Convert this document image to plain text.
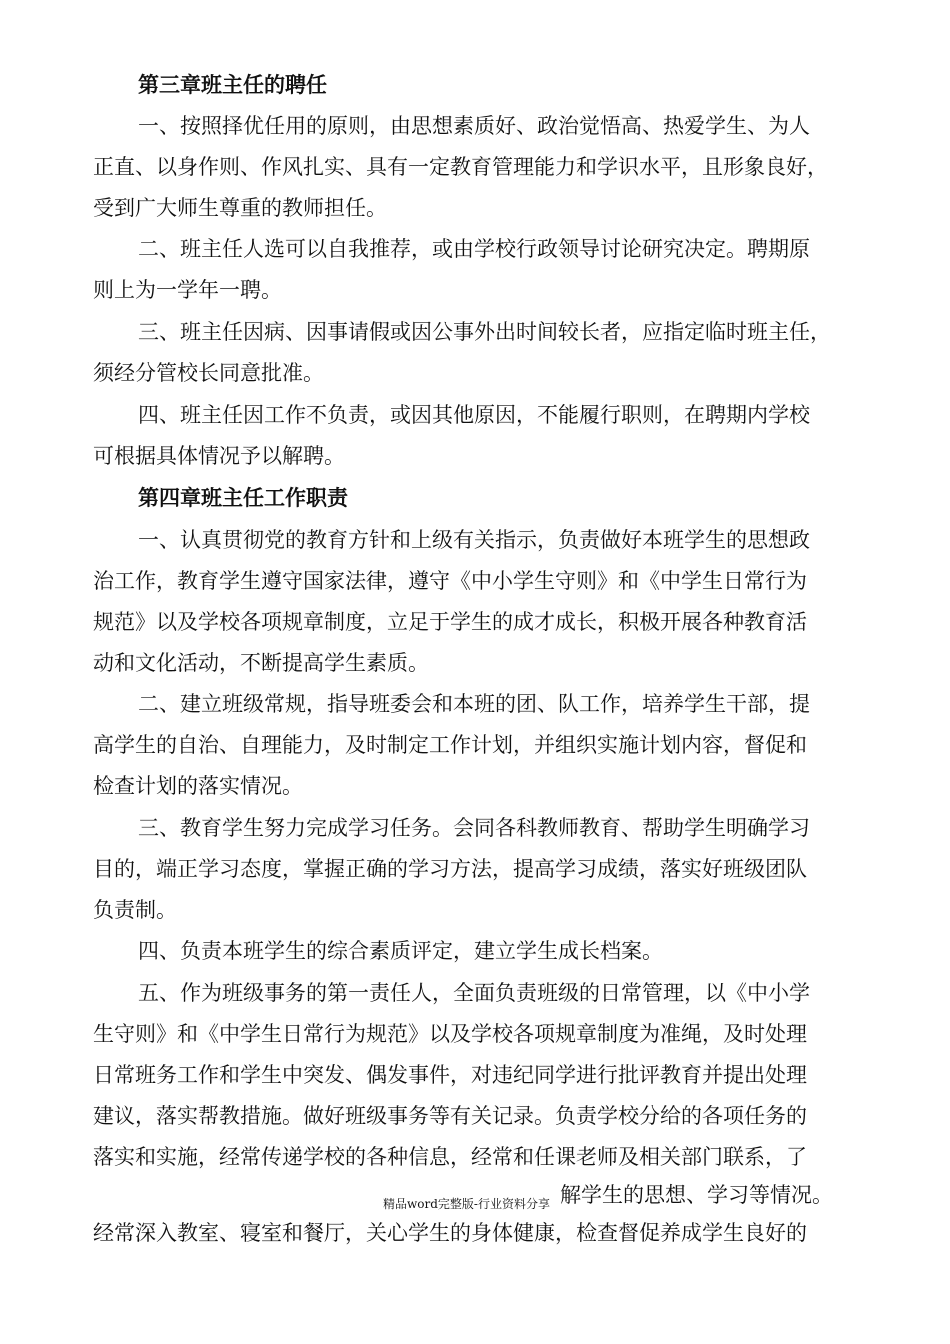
第三章班主任的聘任
一、按照择优任用的原则，由思想素质好、政治觉悟高、热爱学生、为人
正直、以身作则、作风扎实、具有一定教育管理能力和学识水平，且形象良好，
受到广大师生尊重的教师担任。
二、班主任人选可以自我推荐，或由学校行政领导讨论研究决定。聘期原
则上为一学年一聘。
三、班主任因病、因事请假或因公事外出时间较长者，应指定临时班主任，
须经分管校长同意批准。
四、班主任因工作不负责，或因其他原因，不能履行职则，在聘期内学校
可根据具体情况予以解聘。
第四章班主任工作职责
一、认真贯彻党的教育方针和上级有关指示，负责做好本班学生的思想政
治工作，教育学生遵守国家法律，遵守《中小学生守则》和《中学生日常行为
规范》以及学校各项规章制度，立足于学生的成才成长，积极开展各种教育活
动和文化活动，不断提高学生素质。
二、建立班级常规，指导班委会和本班的团、队工作，培养学生干部，提
高学生的自治、自理能力，及时制定工作计划，并组织实施计划内容，督促和
检查计划的落实情况。
三、教育学生努力完成学习任务。会同各科教师教育、帮助学生明确学习
目的，端正学习态度，掌握正确的学习方法，提高学习成绩，落实好班级团队
负责制。
四、负责本班学生的综合素质评定，建立学生成长档案。
五、作为班级事务的第一责任人，全面负责班级的日常管理，以《中小学
生守则》和《中学生日常行为规范》以及学校各项规章制度为准绳，及时处理
日常班务工作和学生中突发、偶发事件，对违纪同学进行批评教育并提出处理
建议，落实帮教措施。做好班级事务等有关记录。负责学校分给的各项任务的
落实和实施，经常传递学校的各种信息，经常和任课老师及相关部门联系，了
精品word完整版-行业资料分享 解学生的思想、学习等情况。
经常深入教室、寝室和餐厅，关心学生的身体健康，检查督促养成学生良好的
